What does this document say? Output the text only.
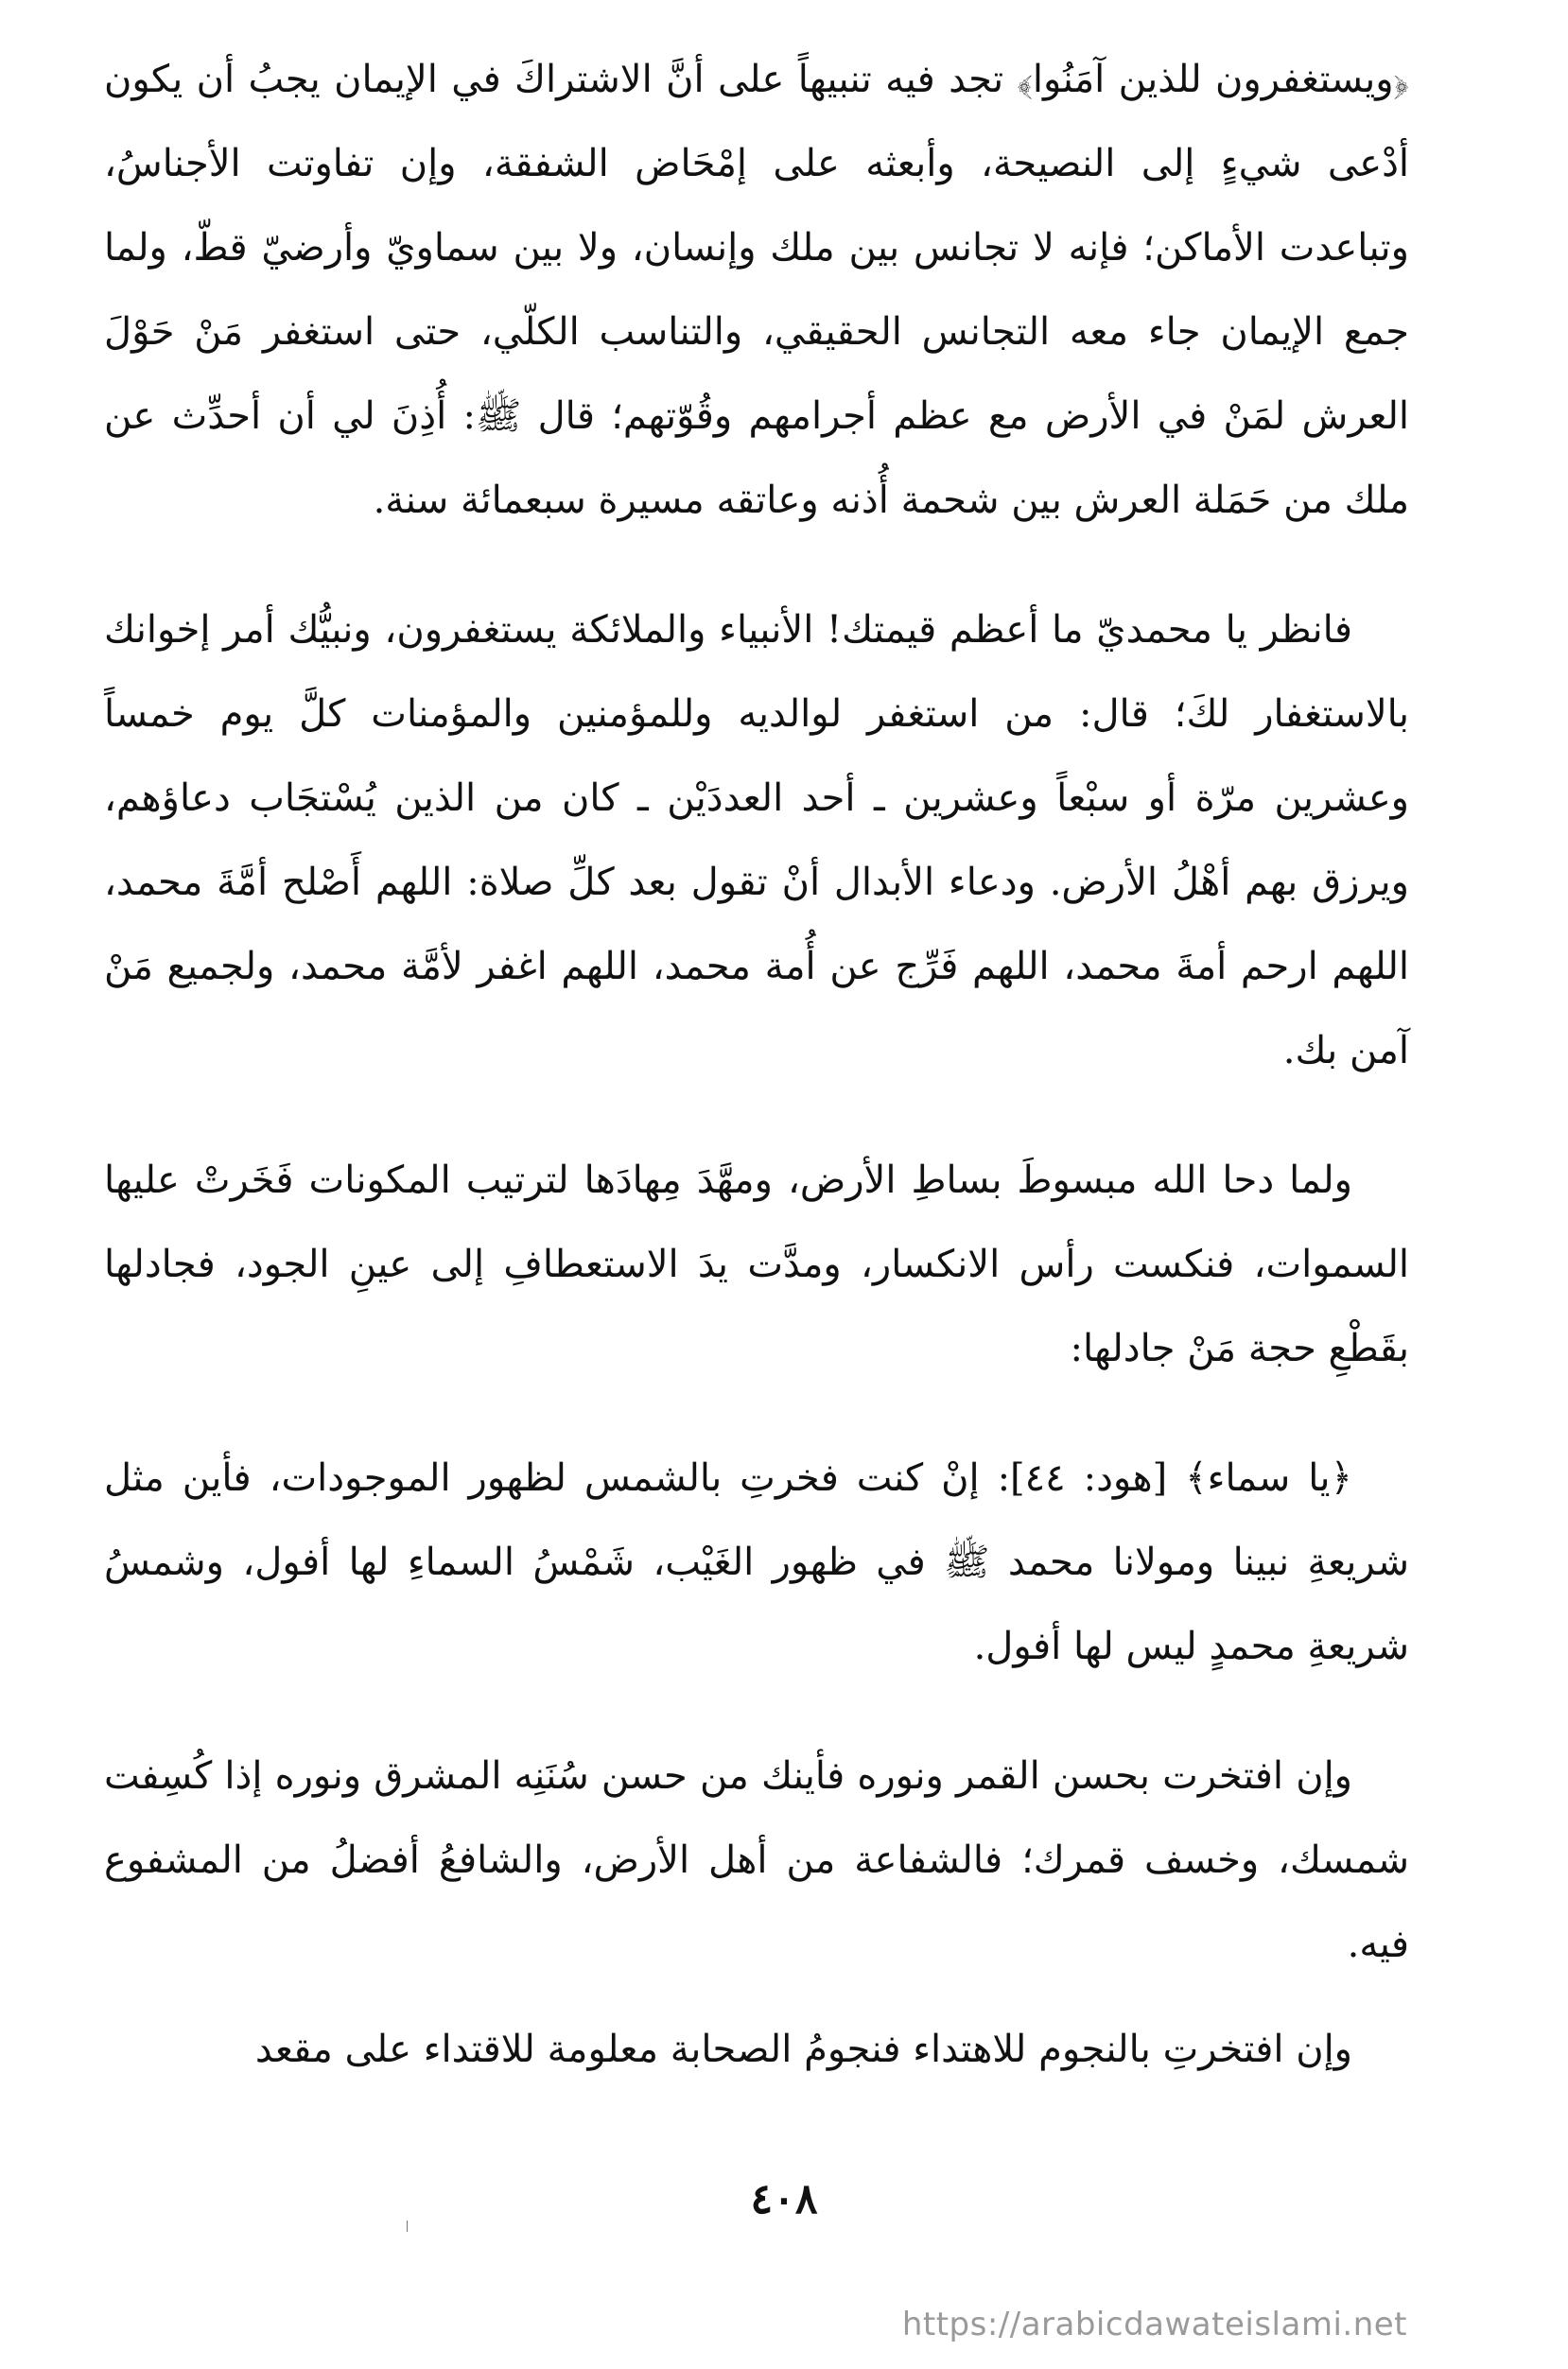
﴿ويستغفرون للذين آمَنُوا﴾ تجد فيه تنبيهاً على أنَّ الاشتراكَ في الإيمان يجبُ أن يكون أدْعى شيءٍ إلى النصيحة، وأبعثه على إمْحَاض الشفقة، وإن تفاوتت الأجناسُ، وتباعدت الأماكن؛ فإنه لا تجانس بين ملك وإنسان، ولا بين سماويّ وأرضيّ قطّ، ولما جمع الإيمان جاء معه التجانس الحقيقي، والتناسب الكلّي، حتى استغفر مَنْ حَوْلَ العرش لمَنْ في الأرض مع عظم أجرامهم وقُوّتهم؛ قال ﷺ: أُذِنَ لي أن أحدِّث عن ملك من حَمَلة العرش بين شحمة أُذنه وعاتقه مسيرة سبعمائة سنة.

فانظر يا محمديّ ما أعظم قيمتك! الأنبياء والملائكة يستغفرون، ونبيُّك أمر إخوانك بالاستغفار لكَ؛ قال: من استغفر لوالديه وللمؤمنين والمؤمنات كلَّ يوم خمساً وعشرين مرّة أو سبْعاً وعشرين ـ أحد العددَيْن ـ كان من الذين يُسْتجَاب دعاؤهم، ويرزق بهم أهْلُ الأرض. ودعاء الأبدال أنْ تقول بعد كلِّ صلاة: اللهم أَصْلح أمَّةَ محمد، اللهم ارحم أمةَ محمد، اللهم فَرِّج عن أُمة محمد، اللهم اغفر لأمَّة محمد، ولجميع مَنْ آمن بك.

ولما دحا الله مبسوطَ بساطِ الأرض، ومهَّدَ مِهادَها لترتيب المكونات فَخَرتْ عليها السموات، فنكست رأس الانكسار، ومدَّت يدَ الاستعطافِ إلى عينِ الجود، فجادلها بقَطْعِ حجة مَنْ جادلها:

﴿يا سماء﴾ [هود: ٤٤]: إنْ كنت فخرتِ بالشمس لظهور الموجودات، فأين مثل شريعةِ نبينا ومولانا محمد ﷺ في ظهور الغَيْب، شَمْسُ السماءِ لها أفول، وشمسُ شريعةِ محمدٍ ليس لها أفول.

وإن افتخرت بحسن القمر ونوره فأينك من حسن سُنَنِه المشرق ونوره إذا كُسِفت شمسك، وخسف قمرك؛ فالشفاعة من أهل الأرض، والشافعُ أفضلُ من المشفوع فيه.

وإن افتخرتِ بالنجوم للاهتداء فنجومُ الصحابة معلومة للاقتداء على مقعد

٤٠٨
https://arabicdawateislami.net
